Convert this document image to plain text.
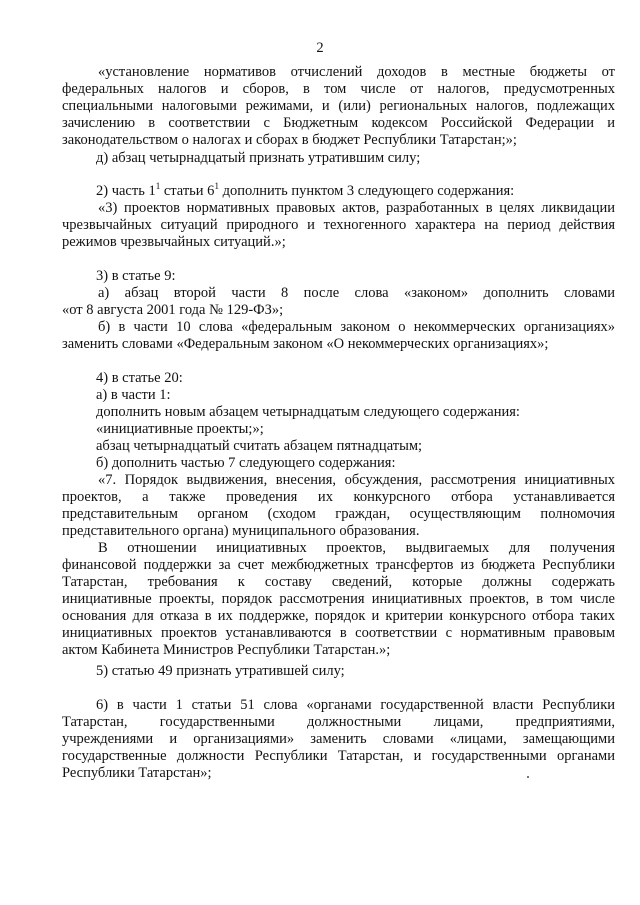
2
«установление нормативов отчислений доходов в местные бюджеты от
федеральных налогов и сборов, в том числе от налогов, предусмотренных
специальными налоговыми режимами, и (или) региональных налогов, подлежащих
зачислению в соответствии с Бюджетным кодексом Российской Федерации и
законодательством о налогах и сборах в бюджет Республики Татарстан;»;
д) абзац четырнадцатый признать утратившим силу;
2) часть $1^1$ статьи $6^1$ дополнить пунктом 3 следующего содержания:
«3) проектов нормативных правовых актов, разработанных в целях ликвидации
чрезвычайных ситуаций природного и техногенного характера на период действия
режимов чрезвычайных ситуаций.»;
3) в статье 9:
а) абзац второй части 8 после слова «законом» дополнить словами
«от 8 августа 2001 года № 129-ФЗ»;
б) в части 10 слова «федеральным законом о некоммерческих организациях»
заменить словами «Федеральным законом «О некоммерческих организациях»;
4) в статье 20:
а) в части 1:
дополнить новым абзацем четырнадцатым следующего содержания:
«инициативные проекты;»;
абзац четырнадцатый считать абзацем пятнадцатым;
б) дополнить частью 7 следующего содержания:
«7. Порядок выдвижения, внесения, обсуждения, рассмотрения инициативных
проектов, а также проведения их конкурсного отбора устанавливается
представительным органом (сходом граждан, осуществляющим полномочия
представительного органа) муниципального образования.
В отношении инициативных проектов, выдвигаемых для получения
финансовой поддержки за счет межбюджетных трансфертов из бюджета Республики
Татарстан, требования к составу сведений, которые должны содержать
инициативные проекты, порядок рассмотрения инициативных проектов, в том числе
основания для отказа в их поддержке, порядок и критерии конкурсного отбора таких
инициативных проектов устанавливаются в соответствии с нормативным правовым
актом Кабинета Министров Республики Татарстан.»;
5) статью 49 признать утратившей силу;
6) в части 1 статьи 51 слова «органами государственной власти Республики
Татарстан, государственными должностными лицами, предприятиями,
учреждениями и организациями» заменить словами «лицами, замещающими
государственные должности Республики Татарстан, и государственными органами
Республики Татарстан»;
